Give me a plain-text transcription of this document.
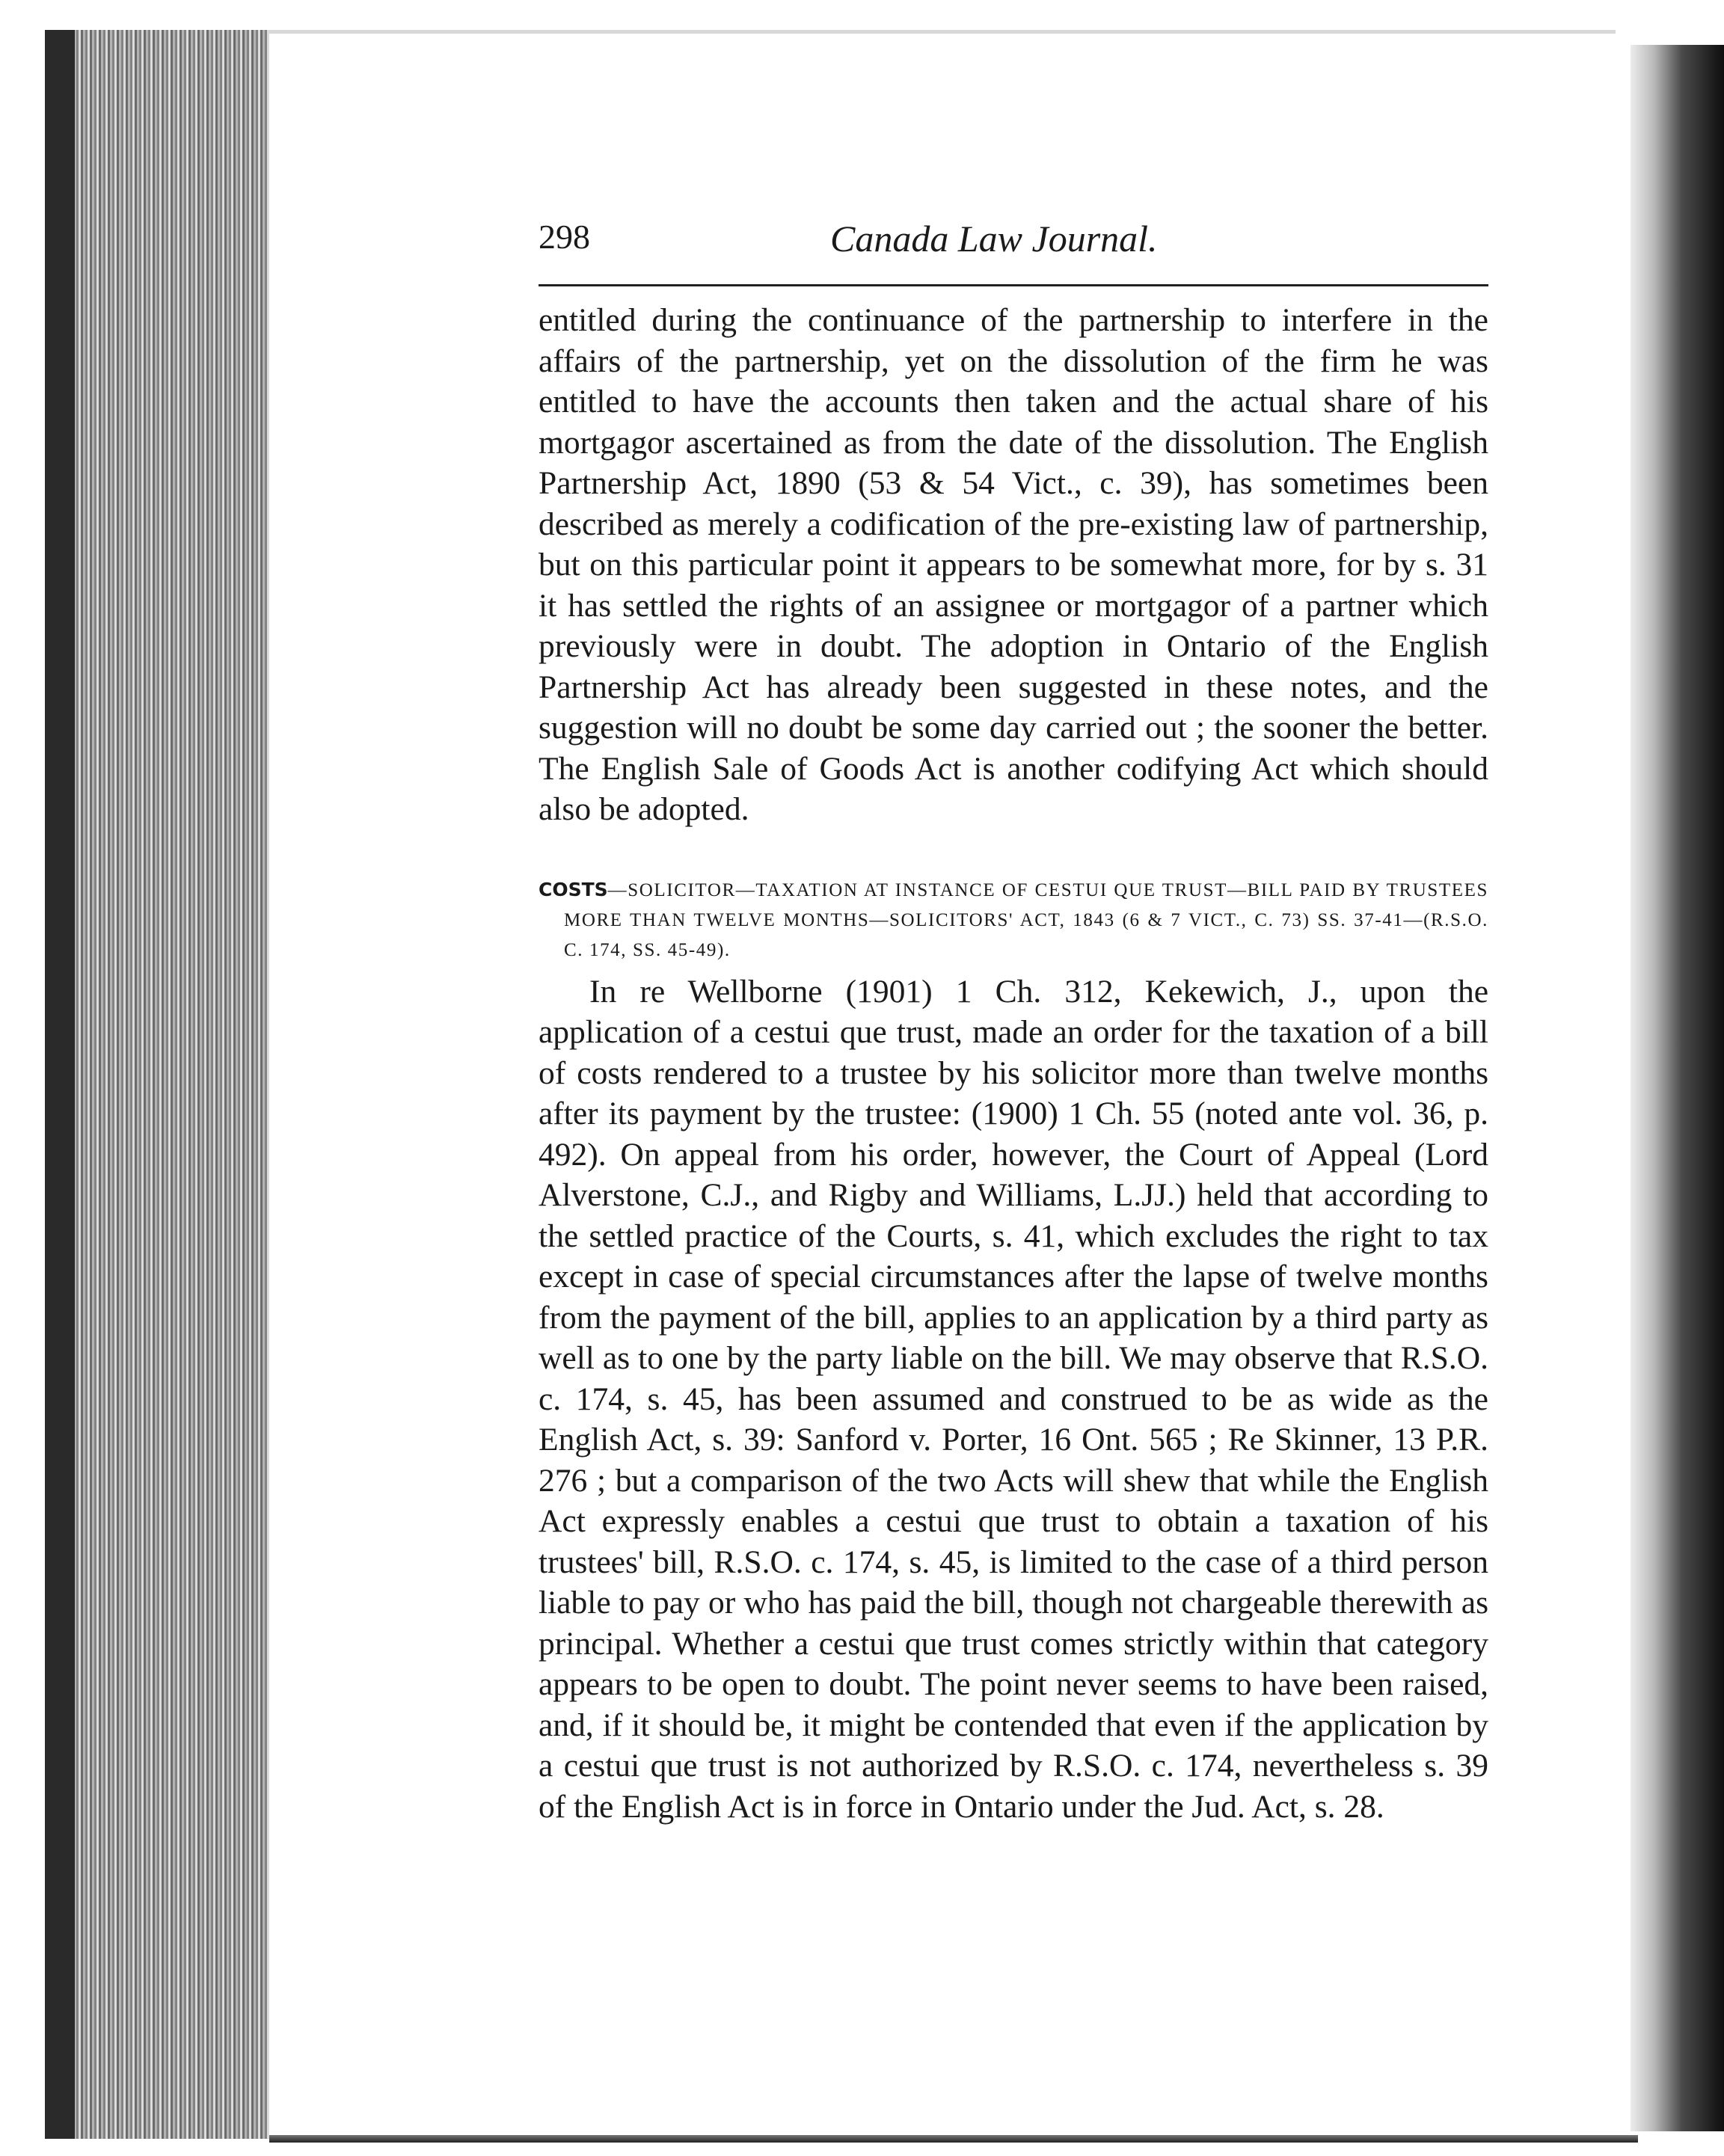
298	Canada Law Journal.

entitled during the continuance of the partnership to interfere in the affairs of the partnership, yet on the dissolution of the firm he was entitled to have the accounts then taken and the actual share of his mortgagor ascertained as from the date of the dissolution. The English Partnership Act, 1890 (53 & 54 Vict., c. 39), has sometimes been described as merely a codification of the pre-existing law of partnership, but on this particular point it appears to be somewhat more, for by s. 31 it has settled the rights of an assignee or mortgagor of a partner which previously were in doubt. The adoption in Ontario of the English Partnership Act has already been suggested in these notes, and the suggestion will no doubt be some day carried out ; the sooner the better. The English Sale of Goods Act is another codifying Act which should also be adopted.

COSTS—SOLICITOR—TAXATION AT INSTANCE OF CESTUI QUE TRUST—BILL PAID BY TRUSTEES MORE THAN TWELVE MONTHS—SOLICITORS' ACT, 1843 (6 & 7 VICT., C. 73) SS. 37-41—(R.S.O. C. 174, SS. 45-49).

In re Wellborne (1901) 1 Ch. 312, Kekewich, J., upon the application of a cestui que trust, made an order for the taxation of a bill of costs rendered to a trustee by his solicitor more than twelve months after its payment by the trustee: (1900) 1 Ch. 55 (noted ante vol. 36, p. 492). On appeal from his order, however, the Court of Appeal (Lord Alverstone, C.J., and Rigby and Williams, L.JJ.) held that according to the settled practice of the Courts, s. 41, which excludes the right to tax except in case of special circumstances after the lapse of twelve months from the payment of the bill, applies to an application by a third party as well as to one by the party liable on the bill. We may observe that R.S.O. c. 174, s. 45, has been assumed and construed to be as wide as the English Act, s. 39: Sanford v. Porter, 16 Ont. 565 ; Re Skinner, 13 P.R. 276 ; but a comparison of the two Acts will shew that while the English Act expressly enables a cestui que trust to obtain a taxation of his trustees' bill, R.S.O. c. 174, s. 45, is limited to the case of a third person liable to pay or who has paid the bill, though not chargeable therewith as principal. Whether a cestui que trust comes strictly within that category appears to be open to doubt. The point never seems to have been raised, and, if it should be, it might be contended that even if the application by a cestui que trust is not authorized by R.S.O. c. 174, nevertheless s. 39 of the English Act is in force in Ontario under the Jud. Act, s. 28.
